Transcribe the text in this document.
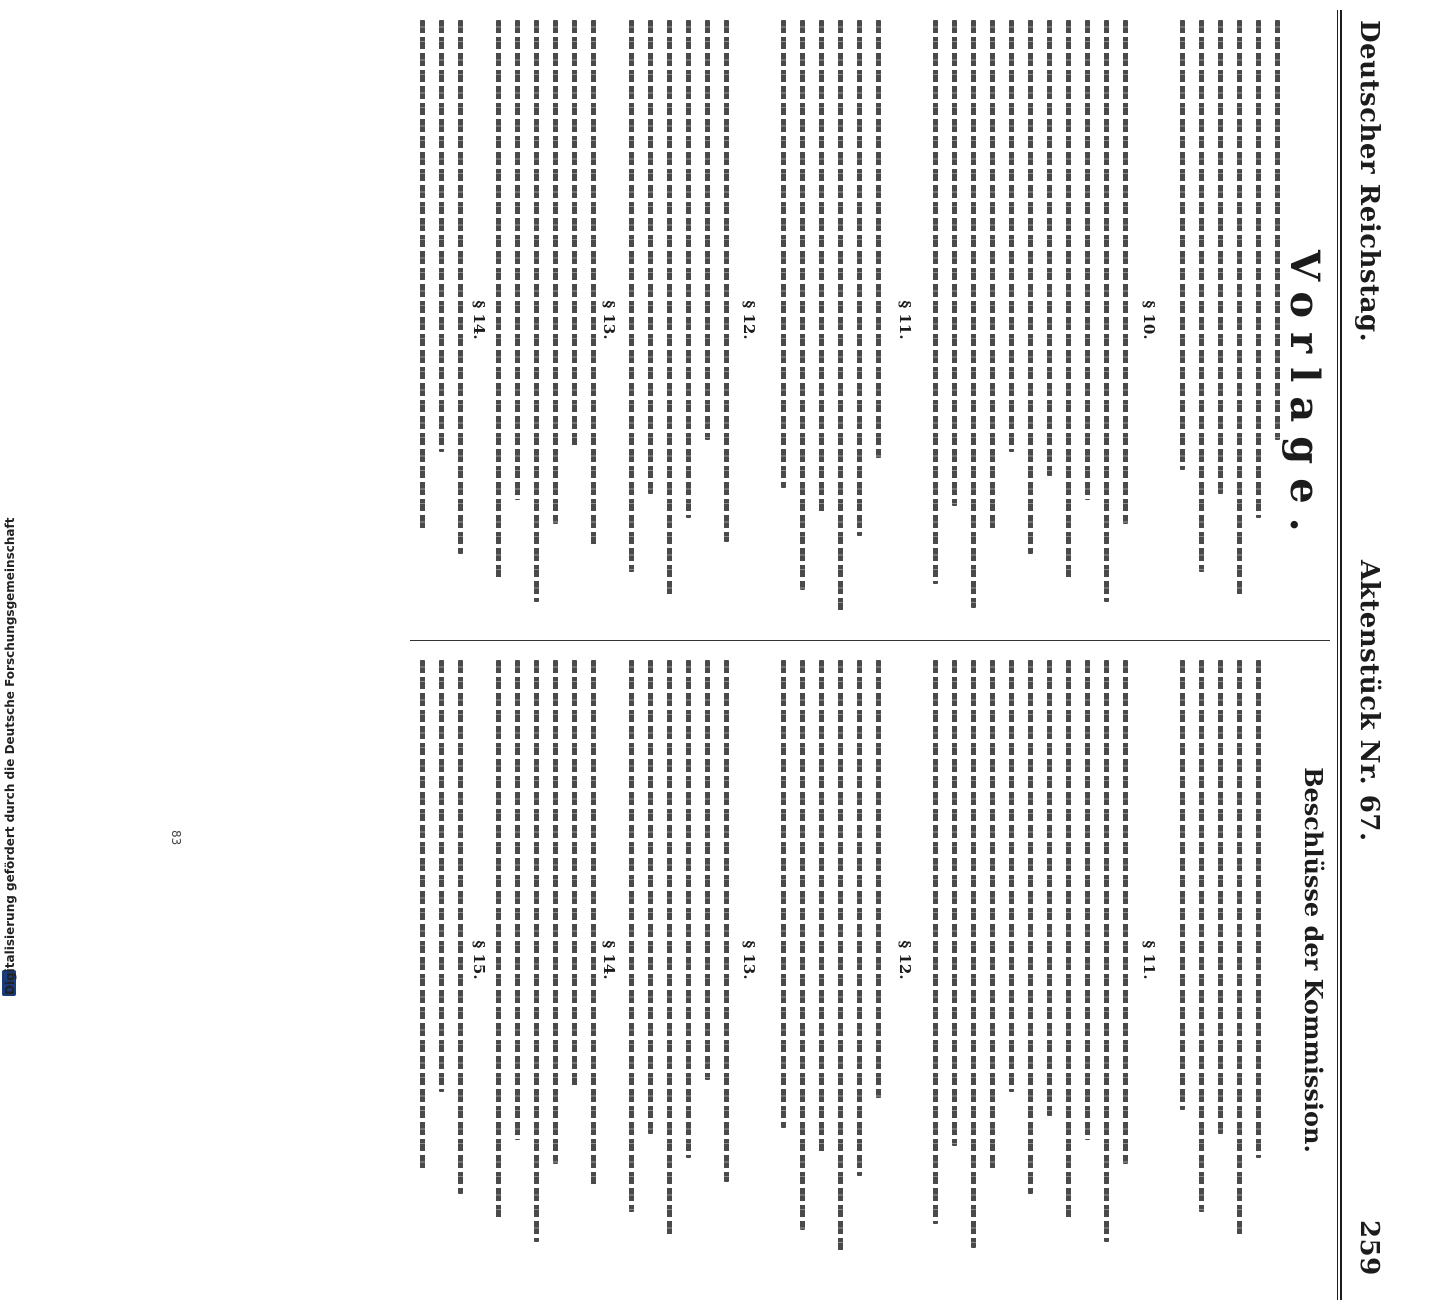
Deutscher Reichstag.
Aktenstück Nr. 67.
259
Vorlage.
§ 10.
§ 11.
§ 12.
§ 13.
§ 14.
Beschlüsse der Kommission.
§ 11.
§ 12.
§ 13.
§ 14.
§ 15.
Digitalisierung gefördert durch die Deutsche Forschungsgemeinschaft	83
